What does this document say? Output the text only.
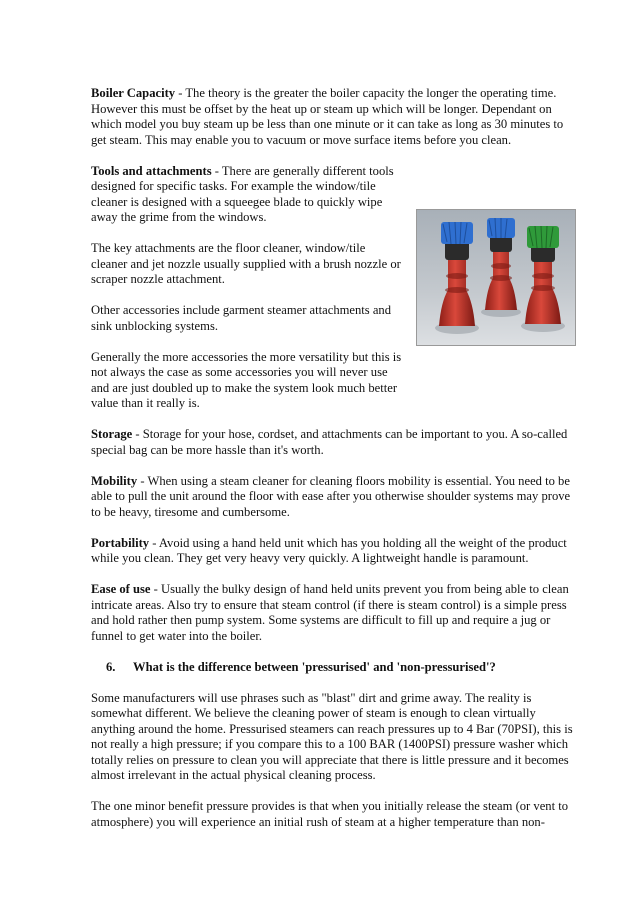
Boiler Capacity - The theory is the greater the boiler capacity the longer the operating time. However this must be offset by the heat up or steam up which will be longer. Dependant on which model you buy steam up be less than one minute or it can take as long as 30 minutes to get steam. This may enable you to vacuum or move surface items before you clean.

Tools and attachments - There are generally different tools designed for specific tasks. For example the window/tile cleaner is designed with a squeegee blade to quickly wipe away the grime from the windows.

The key attachments are the floor cleaner, window/tile cleaner and jet nozzle usually supplied with a brush nozzle or scraper nozzle attachment.

Other accessories include garment steamer attachments and sink unblocking systems.

Generally the more accessories the more versatility but this is not always the case as some accessories you will never use and are just doubled up to make the system look much better value than it really is.

Storage - Storage for your hose, cordset, and attachments can be important to you. A so-called special bag can be more hassle than it's worth.

Mobility - When using a steam cleaner for cleaning floors mobility is essential. You need to be able to pull the unit around the floor with ease after you otherwise shoulder systems may prove to be heavy, tiresome and cumbersome.

Portability - Avoid using a hand held unit which has you holding all the weight of the product while you clean. They get very heavy very quickly. A lightweight handle is paramount.

Ease of use - Usually the bulky design of hand held units prevent you from being able to clean intricate areas. Also try to ensure that steam control (if there is steam control) is a simple press and hold rather then pump system. Some systems are difficult to fill up and require a jug or funnel to get water into the boiler.

6. What is the difference between 'pressurised' and 'non-pressurised'?

Some manufacturers will use phrases such as "blast" dirt and grime away. The reality is somewhat different. We believe the cleaning power of steam is enough to clean virtually anything around the home. Pressurised steamers can reach pressures up to 4 Bar (70PSI), this is not really a high pressure; if you compare this to a 100 BAR (1400PSI) pressure washer which totally relies on pressure to clean you will appreciate that there is little pressure and it becomes almost irrelevant in the actual physical cleaning process.

The one minor benefit pressure provides is that when you initially release the steam (or vent to atmosphere) you will experience an initial rush of steam at a higher temperature than non-
